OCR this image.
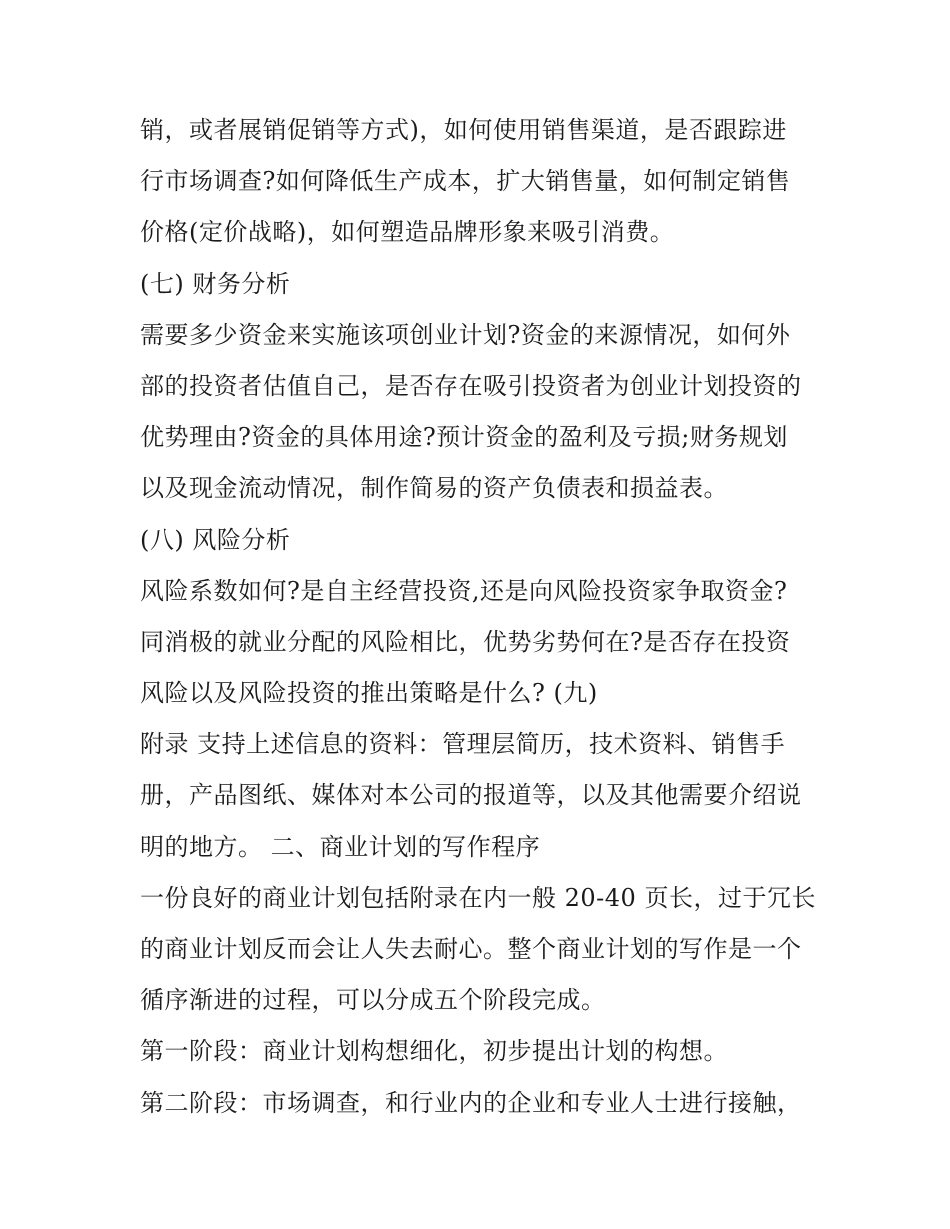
销，或者展销促销等方式)，如何使用销售渠道，是否跟踪进
行市场调查?如何降低生产成本，扩大销售量，如何制定销售
价格(定价战略)，如何塑造品牌形象来吸引消费。
(七) 财务分析
需要多少资金来实施该项创业计划?资金的来源情况，如何外
部的投资者估值自己，是否存在吸引投资者为创业计划投资的
优势理由?资金的具体用途?预计资金的盈利及亏损;财务规划
以及现金流动情况，制作简易的资产负债表和损益表。
(八) 风险分析
风险系数如何?是自主经营投资,还是向风险投资家争取资金?
同消极的就业分配的风险相比，优势劣势何在?是否存在投资
风险以及风险投资的推出策略是什么? (九)
附录 支持上述信息的资料：管理层简历，技术资料、销售手
册，产品图纸、媒体对本公司的报道等，以及其他需要介绍说
明的地方。 二、商业计划的写作程序
一份良好的商业计划包括附录在内一般 20-40 页长，过于冗长
的商业计划反而会让人失去耐心。整个商业计划的写作是一个
循序渐进的过程，可以分成五个阶段完成。
第一阶段：商业计划构想细化，初步提出计划的构想。
第二阶段：市场调查，和行业内的企业和专业人士进行接触，
